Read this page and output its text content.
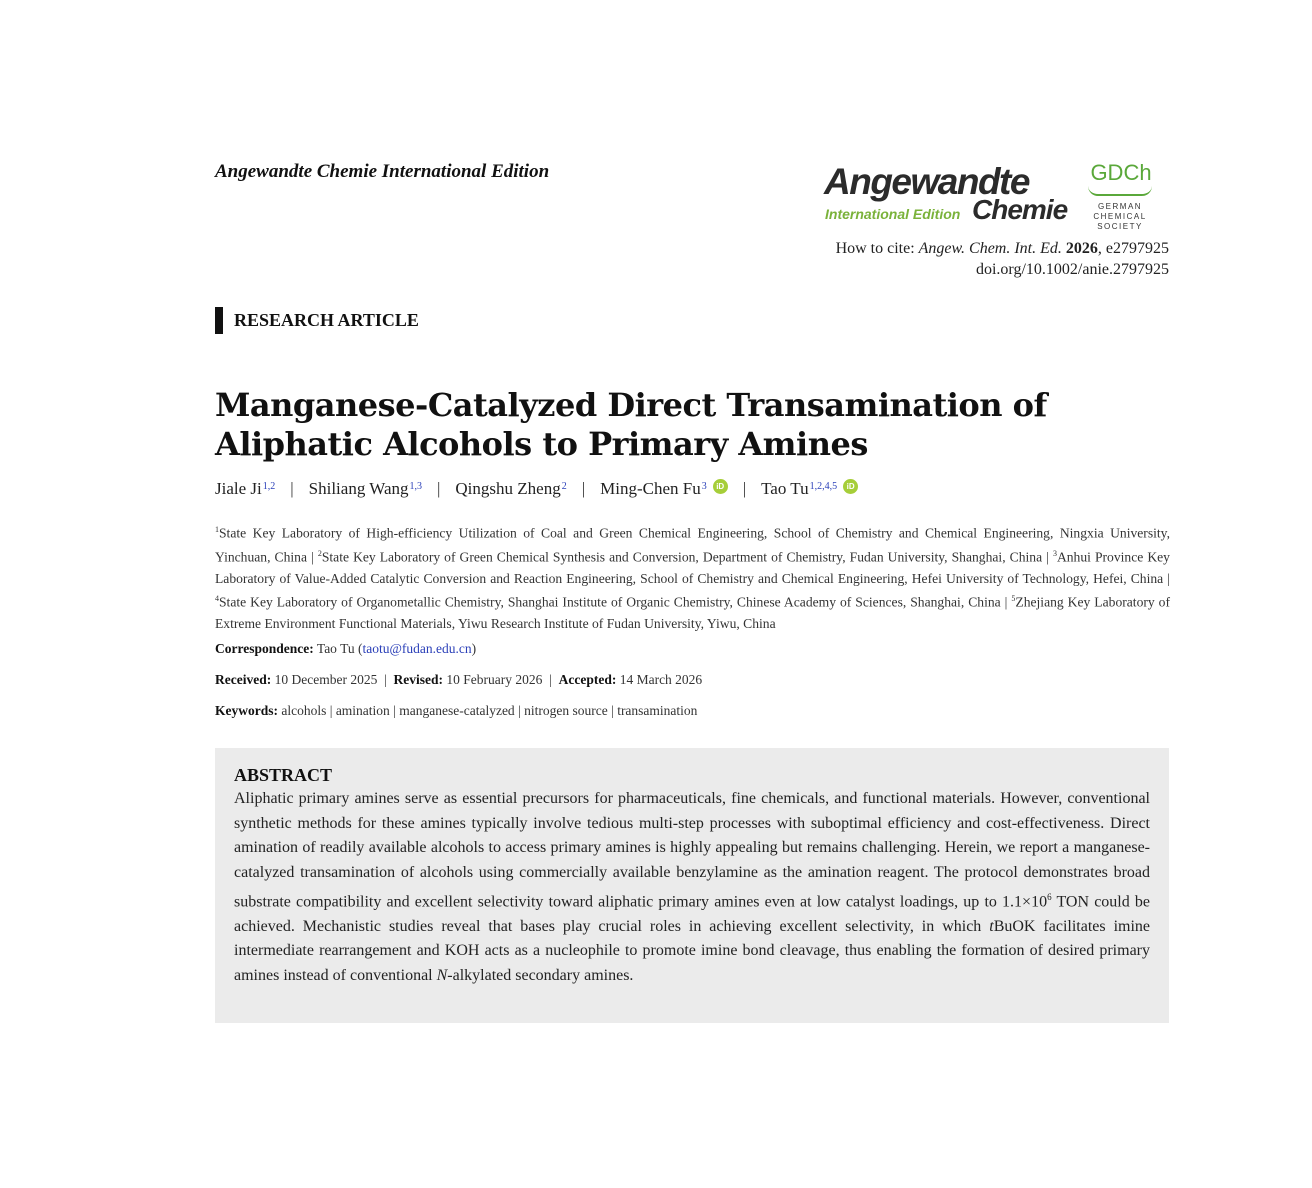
Angewandte Chemie International Edition	Angewandte
International Edition Chemie
GDCh
GERMAN
CHEMICAL SOCIETY
How to cite: Angew. Chem. Int. Ed. 2026, e2797925
doi.org/10.1002/anie.2797925
RESEARCH ARTICLE
Manganese-Catalyzed Direct Transamination of Aliphatic Alcohols to Primary Amines
Jiale Ji$^{1,2}$ | Shiliang Wang$^{1,3}$ | Qingshu Zheng$^2$ | Ming-Chen Fu$^3$	iD | Tao Tu$^{1,2,4,5}$	iD
$^1$State Key Laboratory of High-efficiency Utilization of Coal and Green Chemical Engineering, School of Chemistry and Chemical Engineering, Ningxia University, Yinchuan, China | $^2$State Key Laboratory of Green Chemical Synthesis and Conversion, Department of Chemistry, Fudan University, Shanghai, China | $^3$Anhui Province Key Laboratory of Value-Added Catalytic Conversion and Reaction Engineering, School of Chemistry and Chemical Engineering, Hefei University of Technology, Hefei, China | $^4$State Key Laboratory of Organometallic Chemistry, Shanghai Institute of Organic Chemistry, Chinese Academy of Sciences, Shanghai, China | $^5$Zhejiang Key Laboratory of Extreme Environment Functional Materials, Yiwu Research Institute of Fudan University, Yiwu, China
Correspondence: Tao Tu (taotu@fudan.edu.cn)
Received: 10 December 2025 | Revised: 10 February 2026 | Accepted: 14 March 2026
Keywords: alcohols | amination | manganese-catalyzed | nitrogen source | transamination
ABSTRACT
Aliphatic primary amines serve as essential precursors for pharmaceuticals, fine chemicals, and functional materials. However, conventional synthetic methods for these amines typically involve tedious multi-step processes with suboptimal efficiency and cost-effectiveness. Direct amination of readily available alcohols to access primary amines is highly appealing but remains challenging. Herein, we report a manganese-catalyzed transamination of alcohols using commercially available benzylamine as the amination reagent. The protocol demonstrates broad substrate compatibility and excellent selectivity toward aliphatic primary amines even at low catalyst loadings, up to $1.1\times 10^6$ TON could be achieved. Mechanistic studies reveal that bases play crucial roles in achieving excellent selectivity, in which tBuOK facilitates imine intermediate rearrangement and KOH acts as a nucleophile to promote imine bond cleavage, thus enabling the formation of desired primary amines instead of conventional N-alkylated secondary amines.
